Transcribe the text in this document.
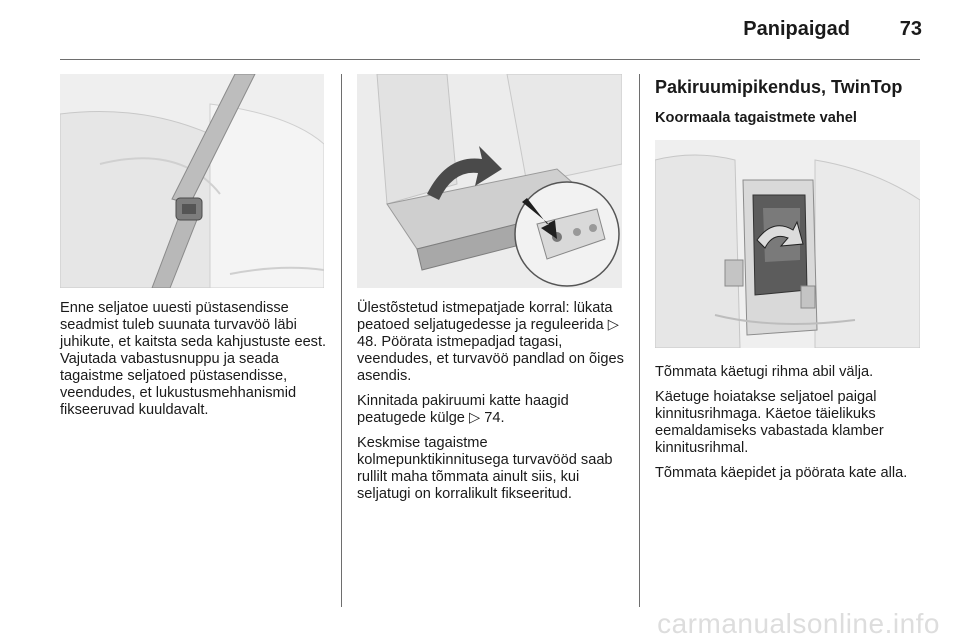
Panipaigad	73

Enne seljatoe uuesti püstasendisse seadmist tuleb suunata turvavöö läbi juhikute, et kaitsta seda kahjustuste eest. Vajutada vabastusnuppu ja seada tagaistme seljatoed püstasendisse, veendudes, et lukustusmehhanismid fikseeruvad kuuldavalt.

Ülestõstetud istmepatjade korral: lükata peatoed seljatugedesse ja reguleerida ▷ 48. Pöörata istmepadjad tagasi, veendudes, et turvavöö pandlad on õiges asendis.

Kinnitada pakiruumi katte haagid peatugede külge ▷ 74.

Keskmise tagaistme kolmepunktikinnitusega turvavööd saab rullilt maha tõmmata ainult siis, kui seljatugi on korralikult fikseeritud.

Pakiruumipikendus, TwinTop
Koormaala tagaistmete vahel

Tõmmata käetugi rihma abil välja.

Käetuge hoiatakse seljatoel paigal kinnitusrihmaga. Käetoe täielikuks eemaldamiseks vabastada klamber kinnitusrihmal.

Tõmmata käepidet ja pöörata kate alla.

carmanualsonline.info
